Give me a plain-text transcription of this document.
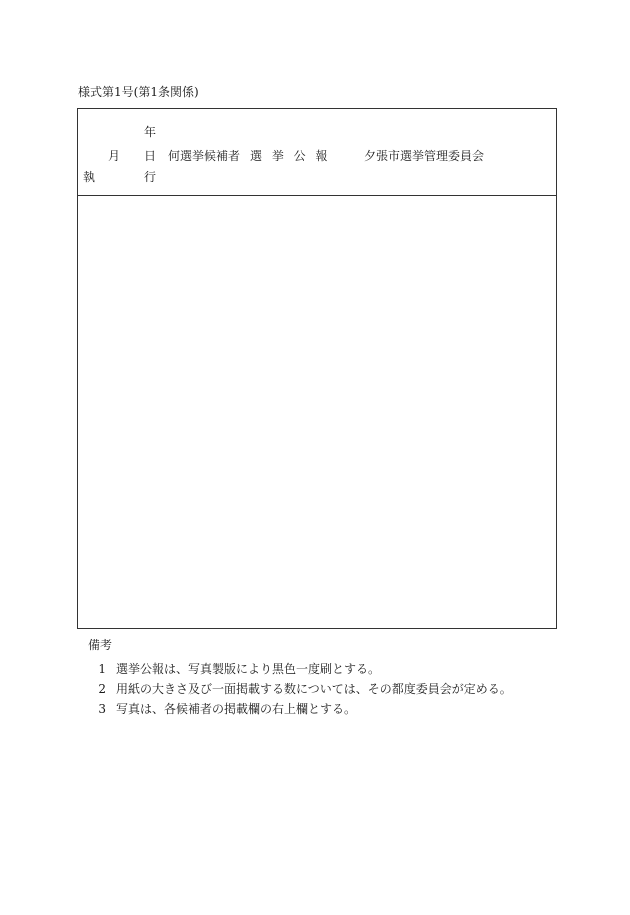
様式第1号(第1条関係)
年
月 日
執	行
何選挙候補者 選 挙 公 報	夕張市選挙管理委員会
備考
1 選挙公報は、写真製版により黒色一度刷とする。
2 用紙の大きさ及び一面掲載する数については、その都度委員会が定める。
3 写真は、各候補者の掲載欄の右上欄とする。
